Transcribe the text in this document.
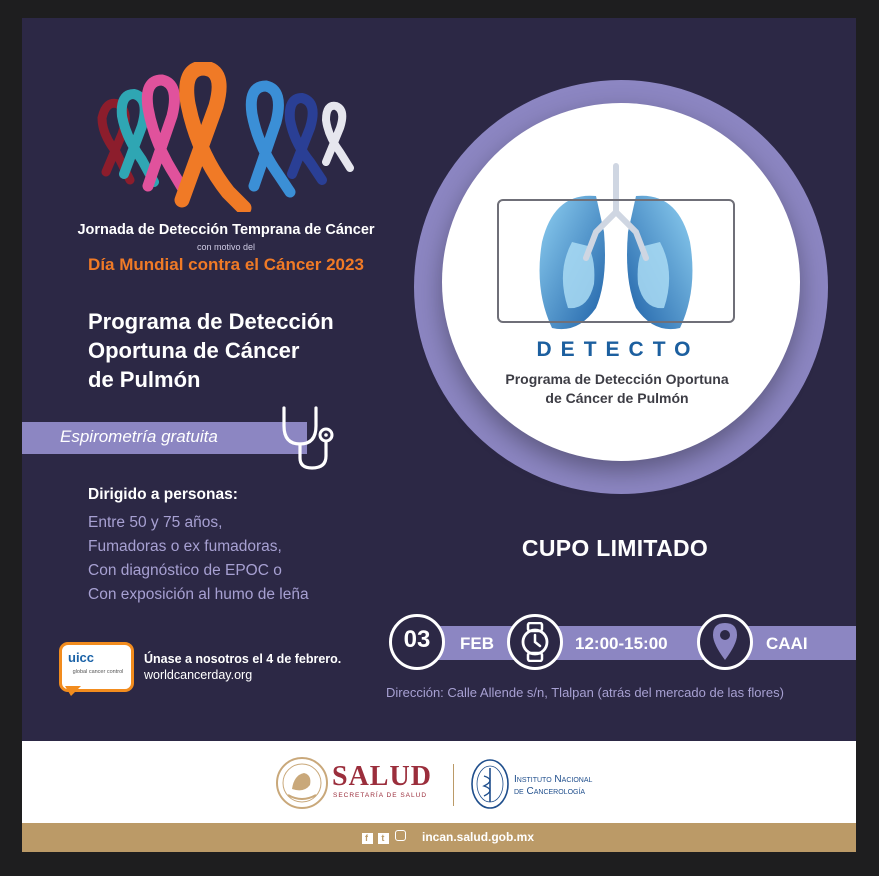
Jornada de Detección Temprana de Cáncer
con motivo del
Día Mundial contra el Cáncer 2023
Programa de Detección
Oportuna de Cáncer
de Pulmón
Espirometría gratuita
Dirigido a personas:
Entre 50 y 75 años,
Fumadoras o ex fumadoras,
Con diagnóstico de EPOC o
Con exposición al humo de leña
uicc
global cancer control
Únase a nosotros el 4 de febrero.
worldcancerday.org
DETECTO
Programa de Detección Oportuna
de Cáncer de Pulmón
CUPO LIMITADO
03	FEB	12:00-15:00	CAAI
Dirección: Calle Allende s/n, Tlalpan (atrás del mercado de las flores)
SALUD
SECRETARÍA DE SALUD
Instituto Nacional
de Cancerología
f t	incan.salud.gob.mx
